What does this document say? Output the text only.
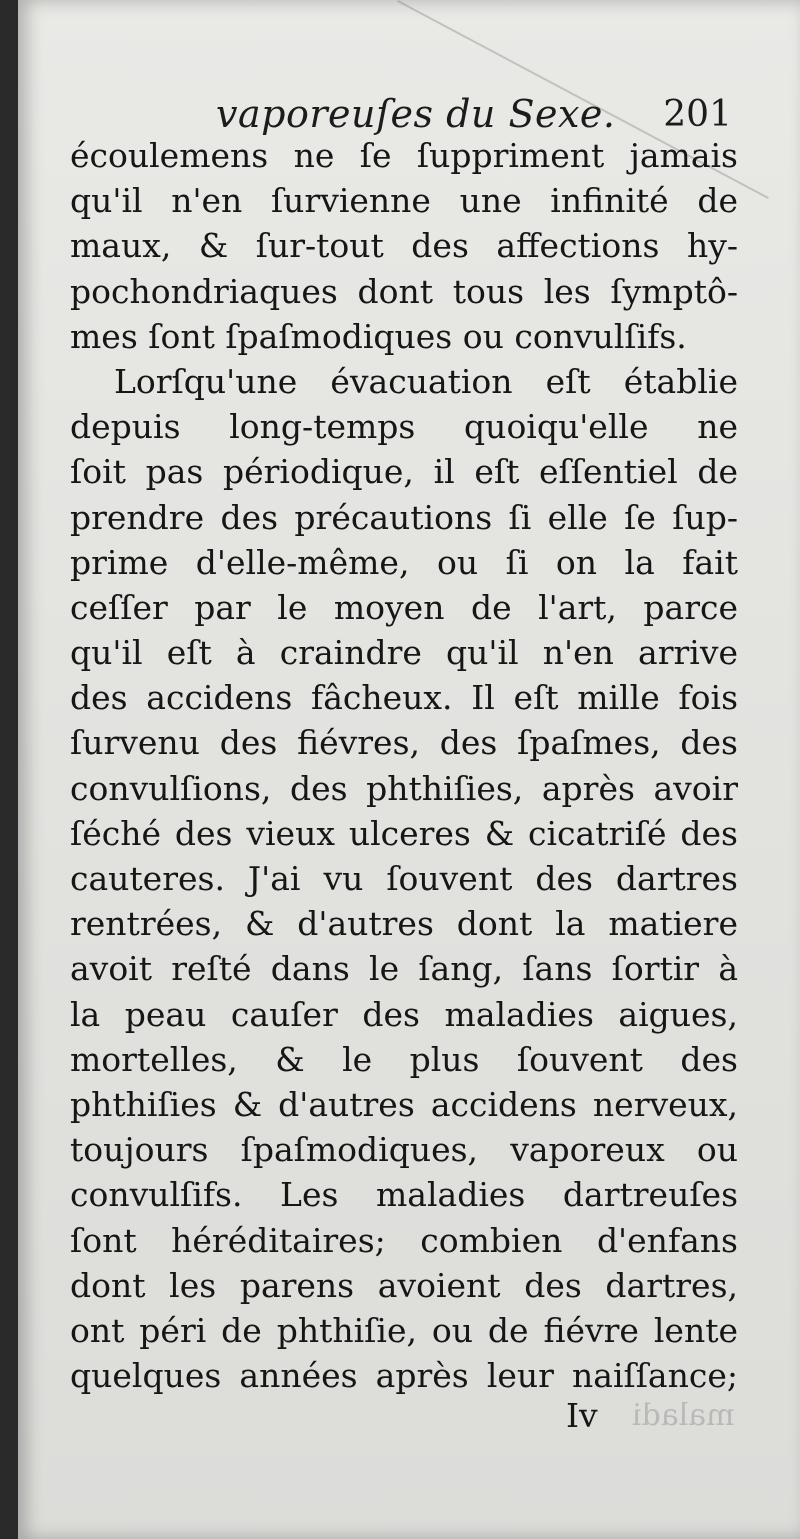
vaporeuſes du Sexe. 201
écoulemens ne ſe ſuppriment jamais
qu'il n'en ſurvienne une infinité de
maux, & ſur-tout des affections hy-
pochondriaques dont tous les ſymptô-
mes ſont ſpaſmodiques ou convulſifs.
Lorſqu'une évacuation eſt établie
depuis long-temps quoiqu'elle ne
ſoit pas périodique, il eſt eſſentiel de
prendre des précautions ſi elle ſe ſup-
prime d'elle-même, ou ſi on la fait
ceſſer par le moyen de l'art, parce
qu'il eſt à craindre qu'il n'en arrive
des accidens fâcheux. Il eſt mille fois
ſurvenu des fiévres, des ſpaſmes, des
convulſions, des phthiſies, après avoir
ſéché des vieux ulceres & cicatriſé des
cauteres. J'ai vu ſouvent des dartres
rentrées, & d'autres dont la matiere
avoit reſté dans le ſang, ſans ſortir à
la peau cauſer des maladies aigues,
mortelles, & le plus ſouvent des
phthiſies & d'autres accidens nerveux,
toujours ſpaſmodiques, vaporeux ou
convulſifs. Les maladies dartreuſes
ſont héréditaires; combien d'enfans
dont les parens avoient des dartres,
ont péri de phthiſie, ou de fiévre lente
quelques années après leur naiſſance;
Iv maladi
